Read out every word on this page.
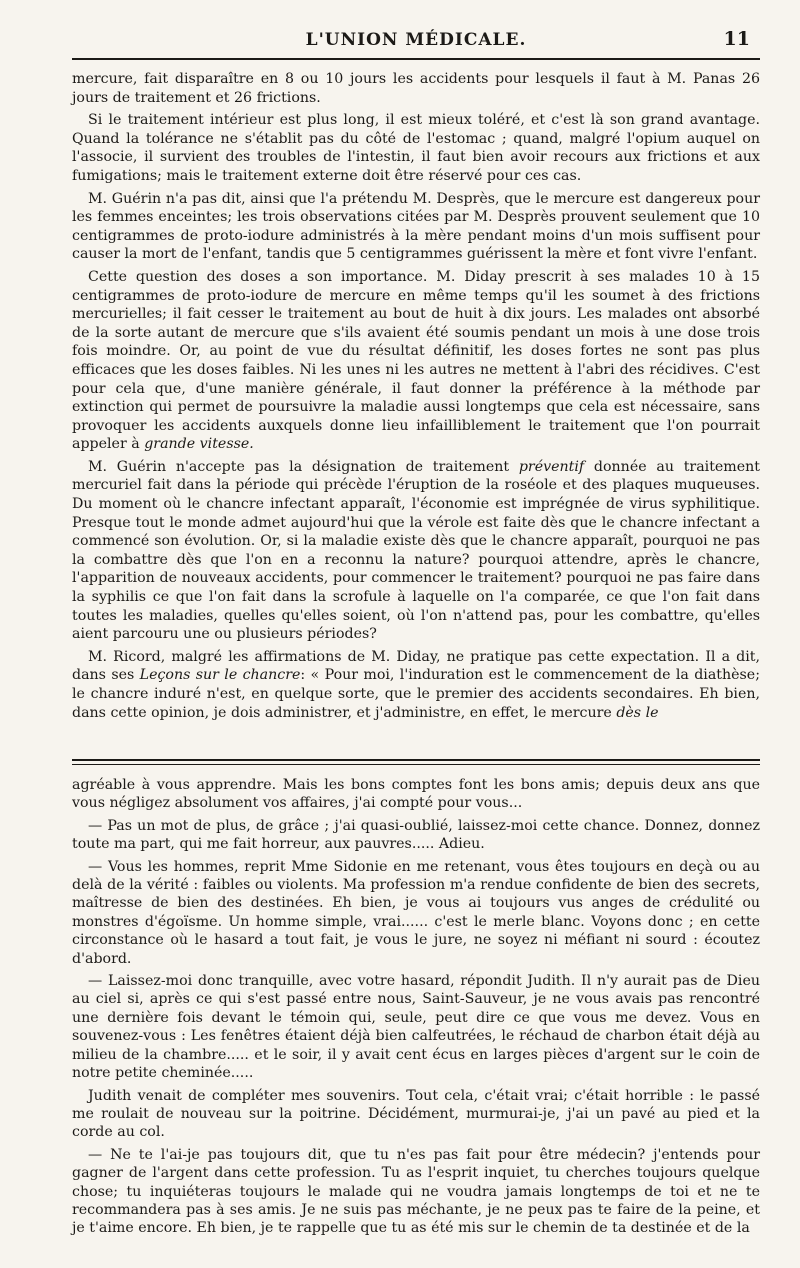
L'UNION MÉDICALE.	11

mercure, fait disparaître en 8 ou 10 jours les accidents pour lesquels il faut à M. Panas 26 jours de traitement et 26 frictions.

Si le traitement intérieur est plus long, il est mieux toléré, et c'est là son grand avantage. Quand la tolérance ne s'établit pas du côté de l'estomac ; quand, malgré l'opium auquel on l'associe, il survient des troubles de l'intestin, il faut bien avoir recours aux frictions et aux fumigations; mais le traitement externe doit être réservé pour ces cas.

M. Guérin n'a pas dit, ainsi que l'a prétendu M. Desprès, que le mercure est dangereux pour les femmes enceintes; les trois observations citées par M. Desprès prouvent seulement que 10 centigrammes de proto-iodure administrés à la mère pendant moins d'un mois suffisent pour causer la mort de l'enfant, tandis que 5 centigrammes guérissent la mère et font vivre l'enfant.

Cette question des doses a son importance. M. Diday prescrit à ses malades 10 à 15 centigrammes de proto-iodure de mercure en même temps qu'il les soumet à des frictions mercurielles; il fait cesser le traitement au bout de huit à dix jours. Les malades ont absorbé de la sorte autant de mercure que s'ils avaient été soumis pendant un mois à une dose trois fois moindre. Or, au point de vue du résultat définitif, les doses fortes ne sont pas plus efficaces que les doses faibles. Ni les unes ni les autres ne mettent à l'abri des récidives. C'est pour cela que, d'une manière générale, il faut donner la préférence à la méthode par extinction qui permet de poursuivre la maladie aussi longtemps que cela est nécessaire, sans provoquer les accidents auxquels donne lieu infailliblement le traitement que l'on pourrait appeler à grande vitesse.

M. Guérin n'accepte pas la désignation de traitement préventif donnée au traitement mercuriel fait dans la période qui précède l'éruption de la roséole et des plaques muqueuses. Du moment où le chancre infectant apparaît, l'économie est imprégnée de virus syphilitique. Presque tout le monde admet aujourd'hui que la vérole est faite dès que le chancre infectant a commencé son évolution. Or, si la maladie existe dès que le chancre apparaît, pourquoi ne pas la combattre dès que l'on en a reconnu la nature? pourquoi attendre, après le chancre, l'apparition de nouveaux accidents, pour commencer le traitement? pourquoi ne pas faire dans la syphilis ce que l'on fait dans la scrofule à laquelle on l'a comparée, ce que l'on fait dans toutes les maladies, quelles qu'elles soient, où l'on n'attend pas, pour les combattre, qu'elles aient parcouru une ou plusieurs périodes?

M. Ricord, malgré les affirmations de M. Diday, ne pratique pas cette expectation. Il a dit, dans ses Leçons sur le chancre: « Pour moi, l'induration est le commencement de la diathèse; le chancre induré n'est, en quelque sorte, que le premier des accidents secondaires. Eh bien, dans cette opinion, je dois administrer, et j'administre, en effet, le mercure dès le

agréable à vous apprendre. Mais les bons comptes font les bons amis; depuis deux ans que vous négligez absolument vos affaires, j'ai compté pour vous...

— Pas un mot de plus, de grâce ; j'ai quasi-oublié, laissez-moi cette chance. Donnez, donnez toute ma part, qui me fait horreur, aux pauvres..... Adieu.

— Vous les hommes, reprit Mme Sidonie en me retenant, vous êtes toujours en deçà ou au delà de la vérité : faibles ou violents. Ma profession m'a rendue confidente de bien des secrets, maîtresse de bien des destinées. Eh bien, je vous ai toujours vus anges de crédulité ou monstres d'égoïsme. Un homme simple, vrai...... c'est le merle blanc. Voyons donc ; en cette circonstance où le hasard a tout fait, je vous le jure, ne soyez ni méfiant ni sourd : écoutez d'abord.

— Laissez-moi donc tranquille, avec votre hasard, répondit Judith. Il n'y aurait pas de Dieu au ciel si, après ce qui s'est passé entre nous, Saint-Sauveur, je ne vous avais pas rencontré une dernière fois devant le témoin qui, seule, peut dire ce que vous me devez. Vous en souvenez-vous : Les fenêtres étaient déjà bien calfeutrées, le réchaud de charbon était déjà au milieu de la chambre..... et le soir, il y avait cent écus en larges pièces d'argent sur le coin de notre petite cheminée.....

Judith venait de compléter mes souvenirs. Tout cela, c'était vrai; c'était horrible : le passé me roulait de nouveau sur la poitrine. Décidément, murmurai-je, j'ai un pavé au pied et la corde au col.

— Ne te l'ai-je pas toujours dit, que tu n'es pas fait pour être médecin? j'entends pour gagner de l'argent dans cette profession. Tu as l'esprit inquiet, tu cherches toujours quelque chose; tu inquiéteras toujours le malade qui ne voudra jamais longtemps de toi et ne te recommandera pas à ses amis. Je ne suis pas méchante, je ne peux pas te faire de la peine, et je t'aime encore. Eh bien, je te rappelle que tu as été mis sur le chemin de ta destinée et de la
